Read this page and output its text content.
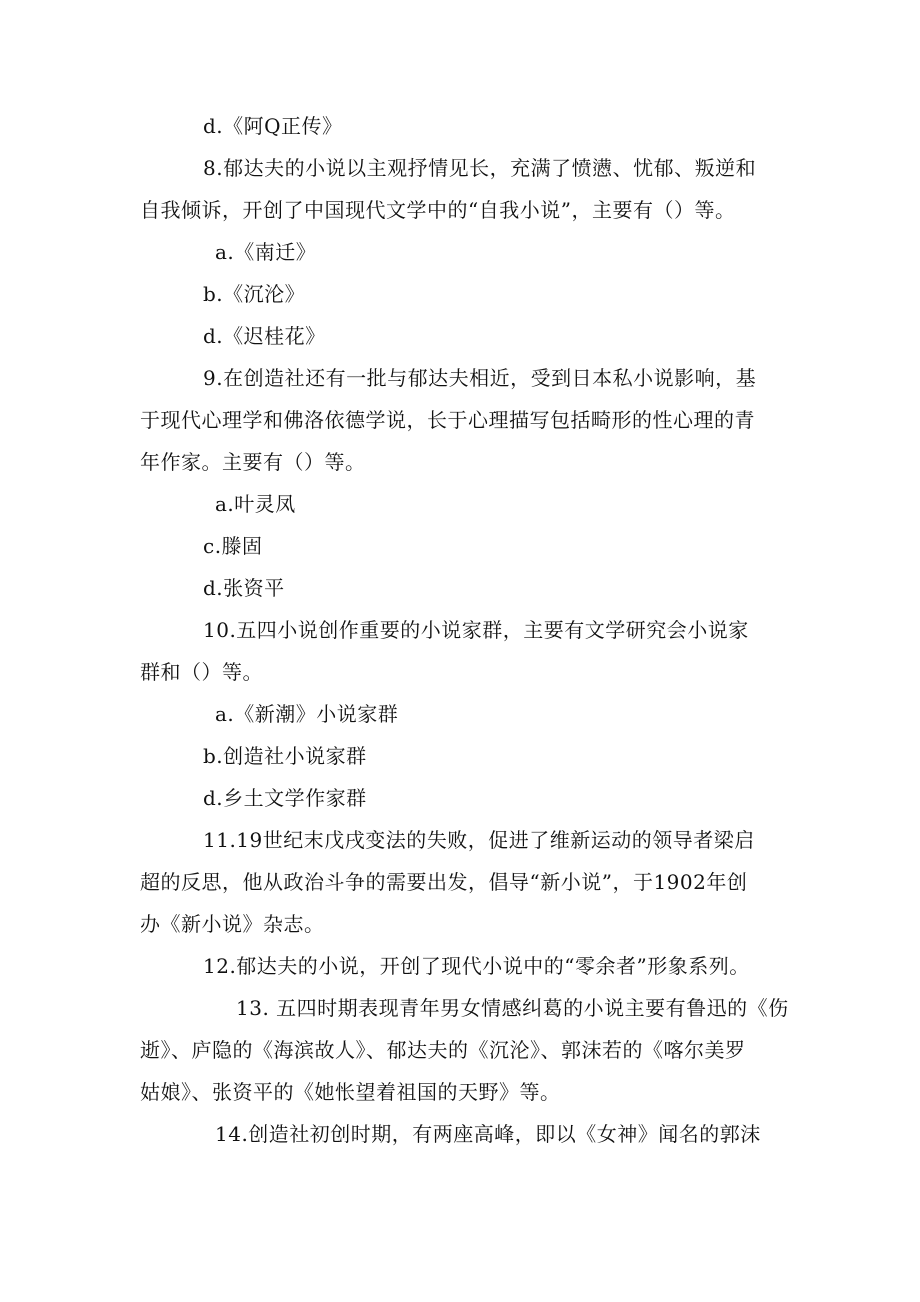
d.《阿Q正传》
8.郁达夫的小说以主观抒情见长，充满了愤懑、忧郁、叛逆和
自我倾诉，开创了中国现代文学中的“自我小说”，主要有（）等。
a.《南迁》
b.《沉沦》
d.《迟桂花》
9.在创造社还有一批与郁达夫相近，受到日本私小说影响，基
于现代心理学和佛洛依德学说，长于心理描写包括畸形的性心理的青
年作家。主要有（）等。
a.叶灵凤
c.滕固
d.张资平
10.五四小说创作重要的小说家群，主要有文学研究会小说家
群和（）等。
a.《新潮》小说家群
b.创造社小说家群
d.乡土文学作家群
11.19世纪末戊戌变法的失败，促进了维新运动的领导者梁启
超的反思，他从政治斗争的需要出发，倡导“新小说”，于1902年创
办《新小说》杂志。
12.郁达夫的小说，开创了现代小说中的“零余者”形象系列。
13. 五四时期表现青年男女情感纠葛的小说主要有鲁迅的《伤
逝》、庐隐的《海滨故人》、郁达夫的《沉沦》、郭沫若的《喀尔美罗
姑娘》、张资平的《她怅望着祖国的天野》等。
14.创造社初创时期，有两座高峰，即以《女神》闻名的郭沫
